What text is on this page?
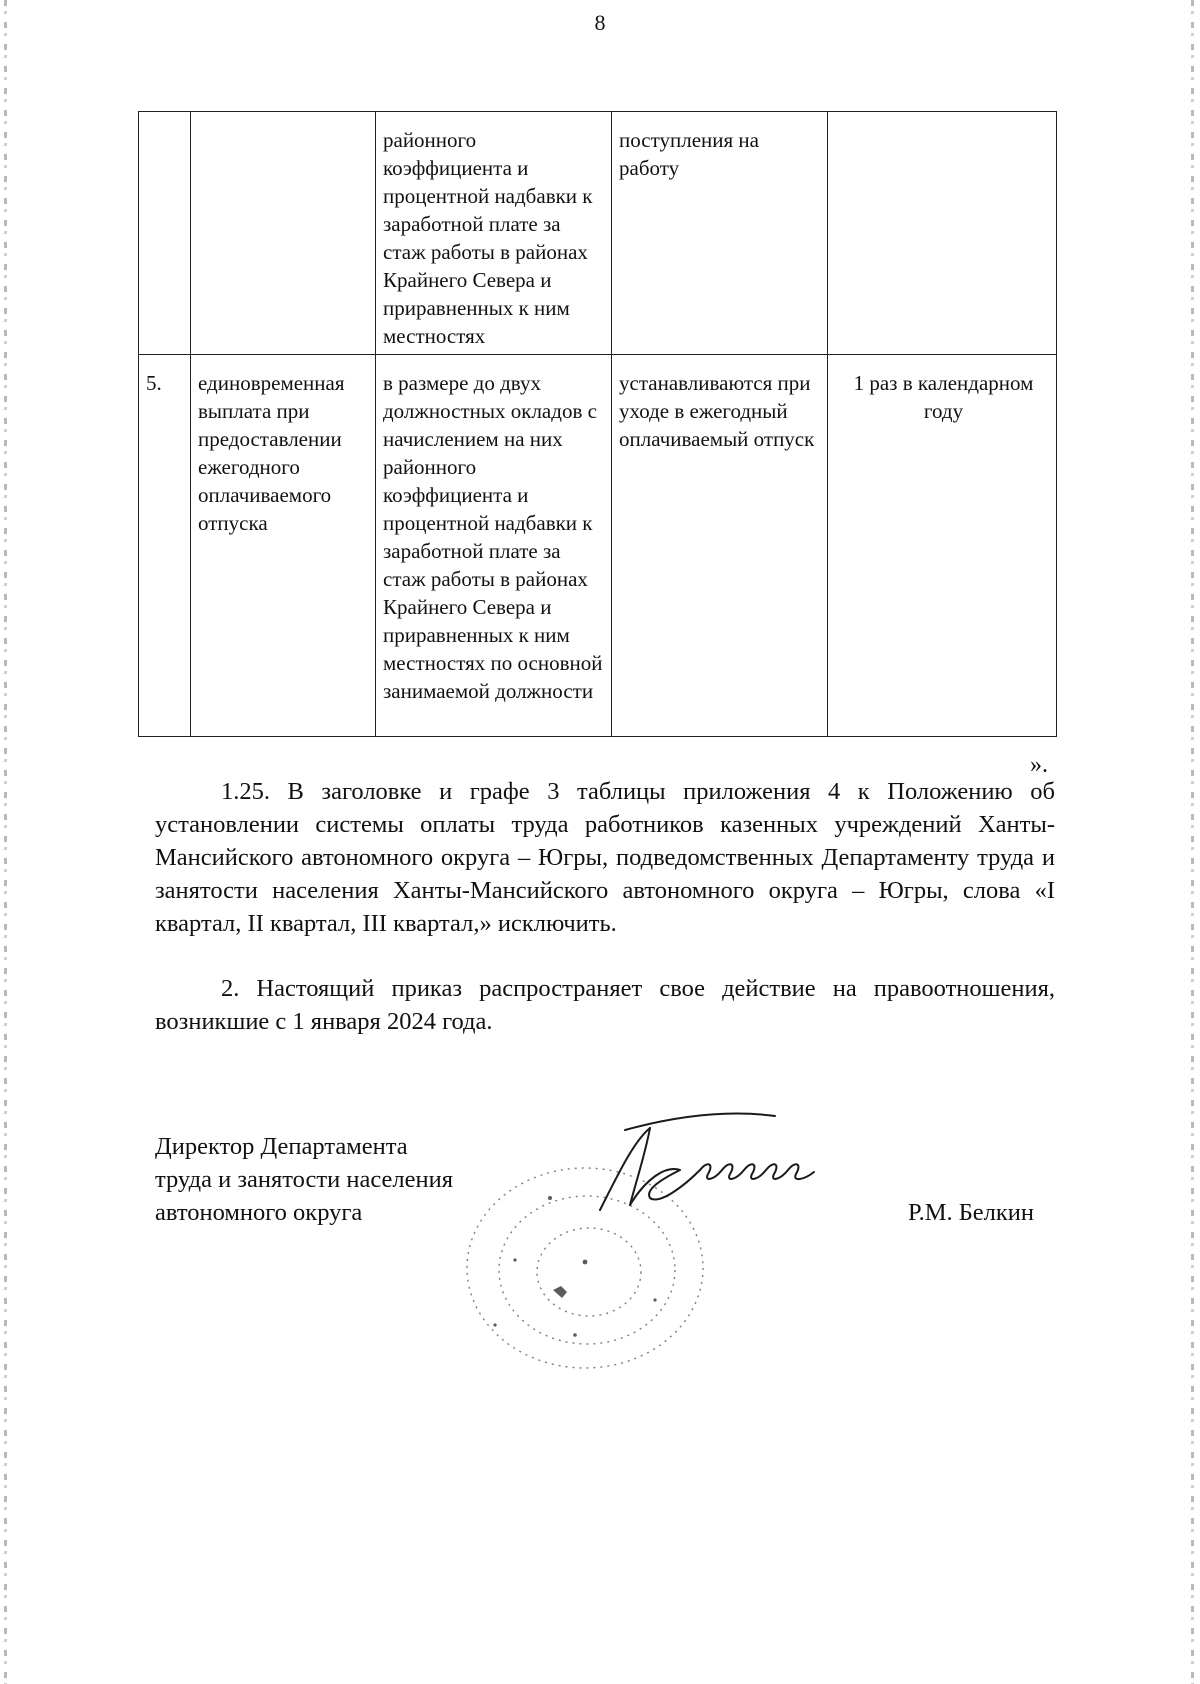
8
		районного коэффициента и процентной надбавки к заработной плате за стаж работы в районах Крайнего Севера и приравненных к ним местностях	поступления на работу	
5.	единовременная выплата при предоставлении ежегодного оплачиваемого отпуска	в размере до двух должностных окладов с начислением на них районного коэффициента и процентной надбавки к заработной плате за стаж работы в районах Крайнего Севера и приравненных к ним местностях по основной занимаемой должности	устанавливаются при уходе в ежегодный оплачиваемый отпуск	1 раз в календарном году
».
1.25. В заголовке и графе 3 таблицы приложения 4 к Положению об установлении системы оплаты труда работников казенных учреждений Ханты-Мансийского автономного округа – Югры, подведомственных Департаменту труда и занятости населения Ханты-Мансийского автономного округа – Югры, слова «I квартал, II квартал, III квартал,» исключить.
2. Настоящий приказ распространяет свое действие на правоотношения, возникшие с 1 января 2024 года.
Директор Департамента
труда и занятости населения
автономного округа	Р.М. Белкин
